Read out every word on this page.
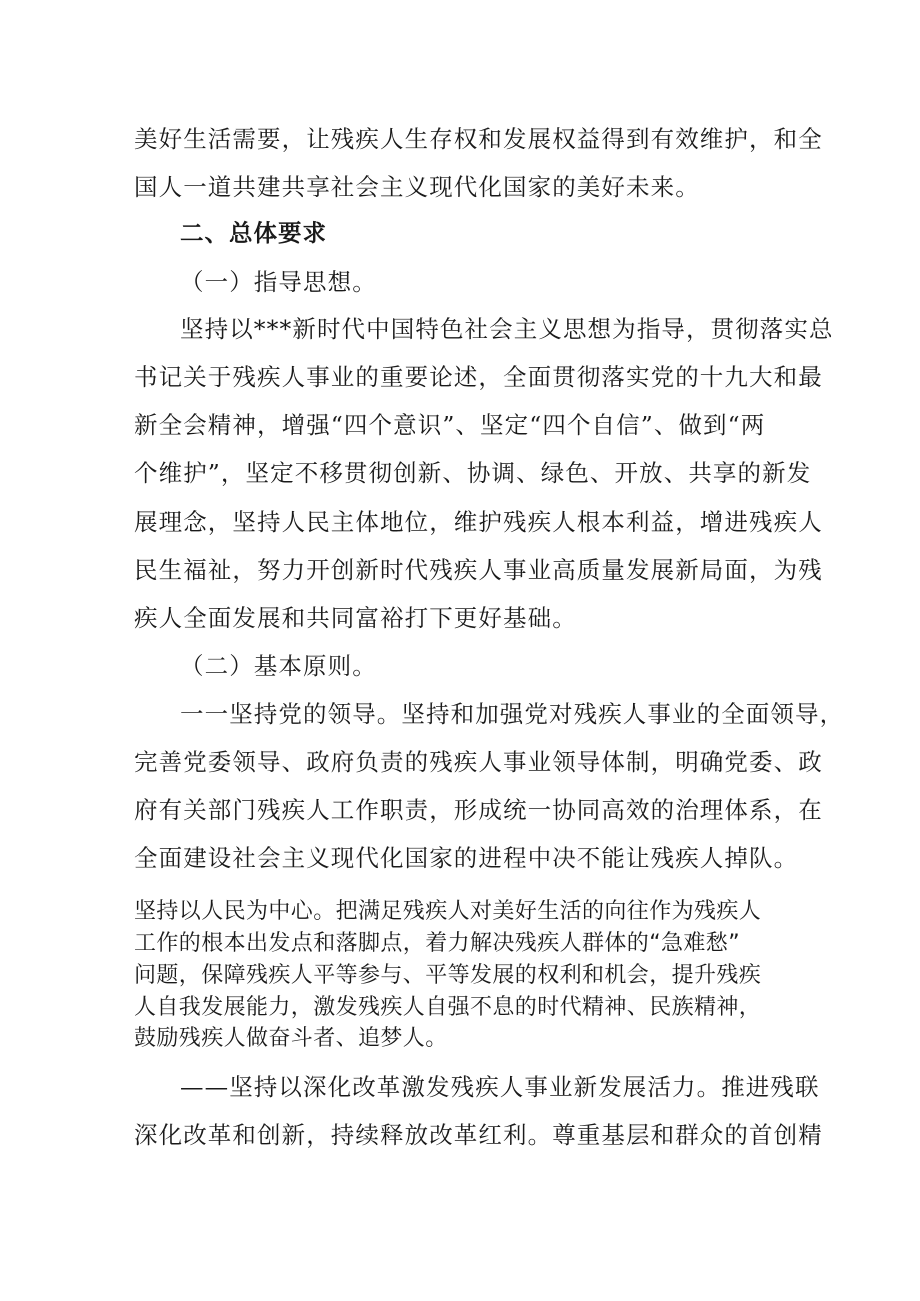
美好生活需要，让残疾人生存权和发展权益得到有效维护，和全

国人一道共建共享社会主义现代化国家的美好未来。

二、总体要求

（一）指导思想。

坚持以***新时代中国特色社会主义思想为指导，贯彻落实总

书记关于残疾人事业的重要论述，全面贯彻落实党的十九大和最

新全会精神，增强“四个意识”、坚定“四个自信”、做到“两

个维护”，坚定不移贯彻创新、协调、绿色、开放、共享的新发

展理念，坚持人民主体地位，维护残疾人根本利益，增进残疾人

民生福祉，努力开创新时代残疾人事业高质量发展新局面，为残

疾人全面发展和共同富裕打下更好基础。

（二）基本原则。

一一坚持党的领导。坚持和加强党对残疾人事业的全面领导，

完善党委领导、政府负责的残疾人事业领导体制，明确党委、政

府有关部门残疾人工作职责，形成统一协同高效的治理体系，在

全面建设社会主义现代化国家的进程中决不能让残疾人掉队。

坚持以人民为中心。把满足残疾人对美好生活的向往作为残疾人

工作的根本出发点和落脚点，着力解决残疾人群体的“急难愁”

问题，保障残疾人平等参与、平等发展的权利和机会，提升残疾

人自我发展能力，激发残疾人自强不息的时代精神、民族精神，

鼓励残疾人做奋斗者、追梦人。

——坚持以深化改革激发残疾人事业新发展活力。推进残联

深化改革和创新，持续释放改革红利。尊重基层和群众的首创精
